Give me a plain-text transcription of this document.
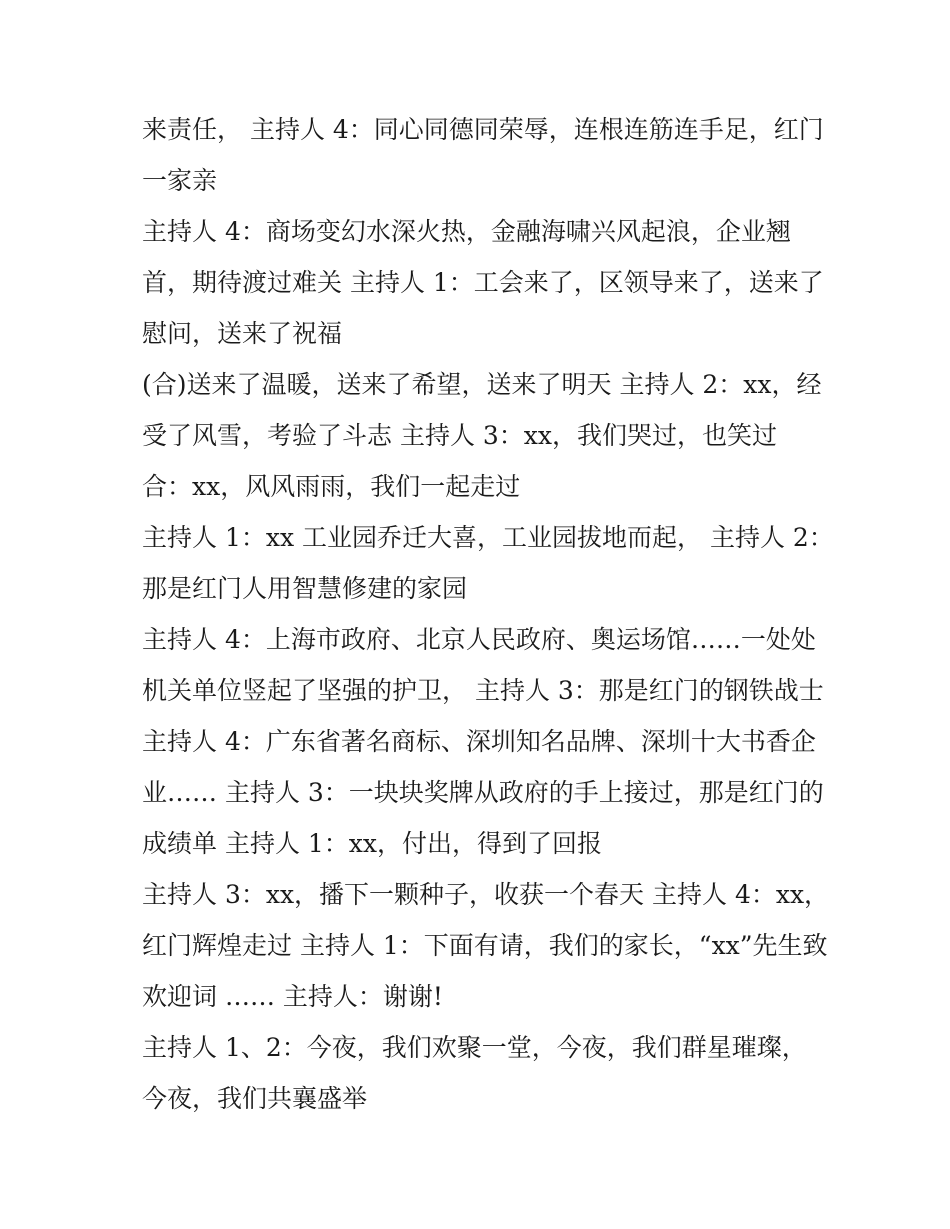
来责任， 主持人 4：同心同德同荣辱，连根连筋连手足，红门
一家亲
主持人 4：商场变幻水深火热，金融海啸兴风起浪，企业翘
首，期待渡过难关 主持人 1：工会来了，区领导来了，送来了
慰问，送来了祝福
(合)送来了温暖，送来了希望，送来了明天 主持人 2：xx，经
受了风雪，考验了斗志 主持人 3：xx，我们哭过，也笑过
合：xx，风风雨雨，我们一起走过
主持人 1：xx 工业园乔迁大喜，工业园拔地而起， 主持人 2：
那是红门人用智慧修建的家园
主持人 4：上海市政府、北京人民政府、奥运场馆……一处处
机关单位竖起了坚强的护卫， 主持人 3：那是红门的钢铁战士
主持人 4：广东省著名商标、深圳知名品牌、深圳十大书香企
业…… 主持人 3：一块块奖牌从政府的手上接过，那是红门的
成绩单 主持人 1：xx，付出，得到了回报
主持人 3：xx，播下一颗种子，收获一个春天 主持人 4：xx，
红门辉煌走过 主持人 1：下面有请，我们的家长，“xx”先生致
欢迎词 …… 主持人：谢谢!
主持人 1、2：今夜，我们欢聚一堂，今夜，我们群星璀璨，
今夜，我们共襄盛举
